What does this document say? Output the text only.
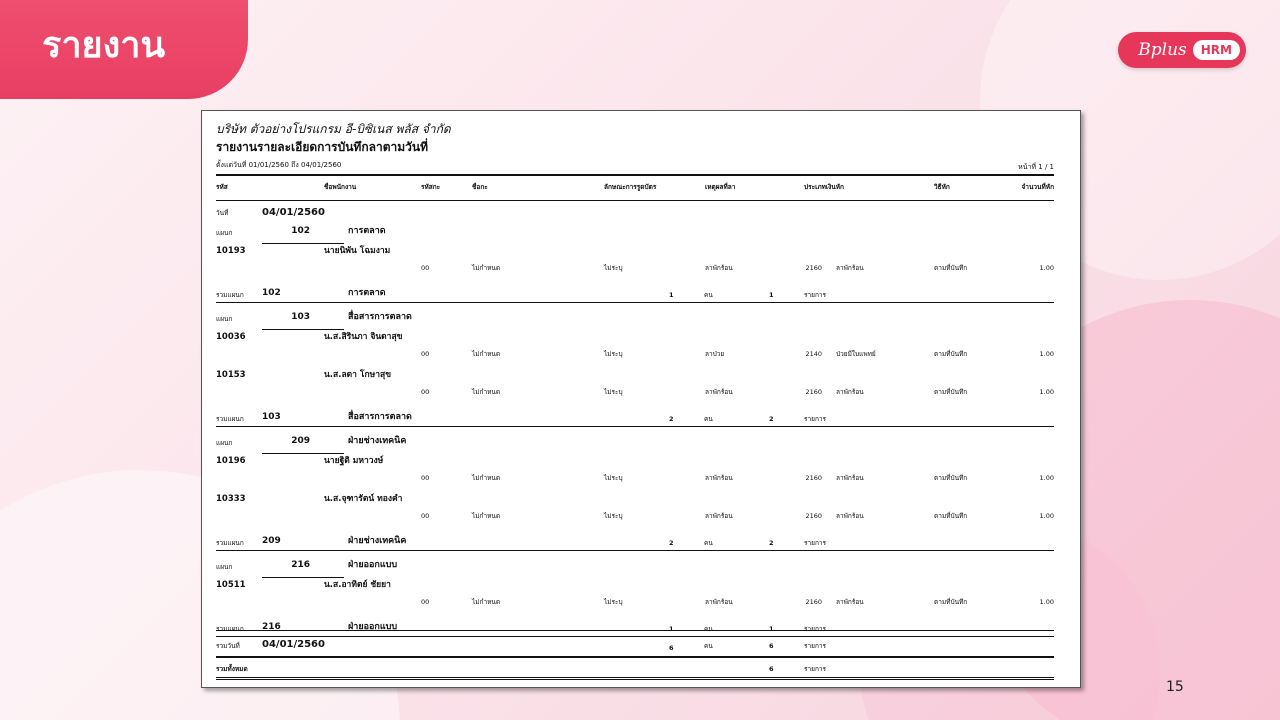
รายงาน	Bplus	HRM
บริษัท ตัวอย่างโปรแกรม อี-บิซิเนส พลัส จำกัด
รายงานรายละเอียดการบันทึกลาตามวันที่
ตั้งแต่วันที่ 01/01/2560 ถึง 04/01/2560	หน้าที่ 1 / 1
รหัส	ชื่อพนักงาน	รหัสกะ	ชื่อกะ	ลักษณะการรูดบัตร	เหตุผลที่ลา	ประเภทเงินหัก	วิธีหัก	จำนวนที่หัก
วันที่	04/01/2560
แผนก	102	การตลาด
10193	นายนิพัน โฉมงาม
00	ไม่กำหนด	ไม่ระบุ	ลาพักร้อน	2160 ลาพักร้อน	ตามที่บันทึก	1.00
รวมแผนก 102	การตลาด	1	คน	1	รายการ
แผนก	103	สื่อสารการตลาด
10036	น.ส.สิรินภา จินดาสุข
00	ไม่กำหนด	ไม่ระบุ	ลาป่วย	2140 ป่วยมีใบแพทย์	ตามที่บันทึก	1.00
10153	น.ส.ลดา โกษาสุข
00	ไม่กำหนด	ไม่ระบุ	ลาพักร้อน	2160 ลาพักร้อน	ตามที่บันทึก	1.00
รวมแผนก 103	สื่อสารการตลาด	2	คน	2	รายการ
แผนก	209	ฝ่ายช่างเทคนิค
10196	นายฐิติ มหาวงษ์
00	ไม่กำหนด	ไม่ระบุ	ลาพักร้อน	2160 ลาพักร้อน	ตามที่บันทึก	1.00
10333	น.ส.จุฑารัตน์ ทองคำ
00	ไม่กำหนด	ไม่ระบุ	ลาพักร้อน	2160 ลาพักร้อน	ตามที่บันทึก	1.00
รวมแผนก 209	ฝ่ายช่างเทคนิค	2	คน	2	รายการ
แผนก	216	ฝ่ายออกแบบ
10511	น.ส.อาทิตย์ ชัยยา
00	ไม่กำหนด	ไม่ระบุ	ลาพักร้อน	2160 ลาพักร้อน	ตามที่บันทึก	1.00
รวมแผนก 216	ฝ่ายออกแบบ	1	คน	1	รายการ
รวมวันที่ 04/01/2560	6	คน	6	รายการ
รวมทั้งหมด	6	รายการ
15
